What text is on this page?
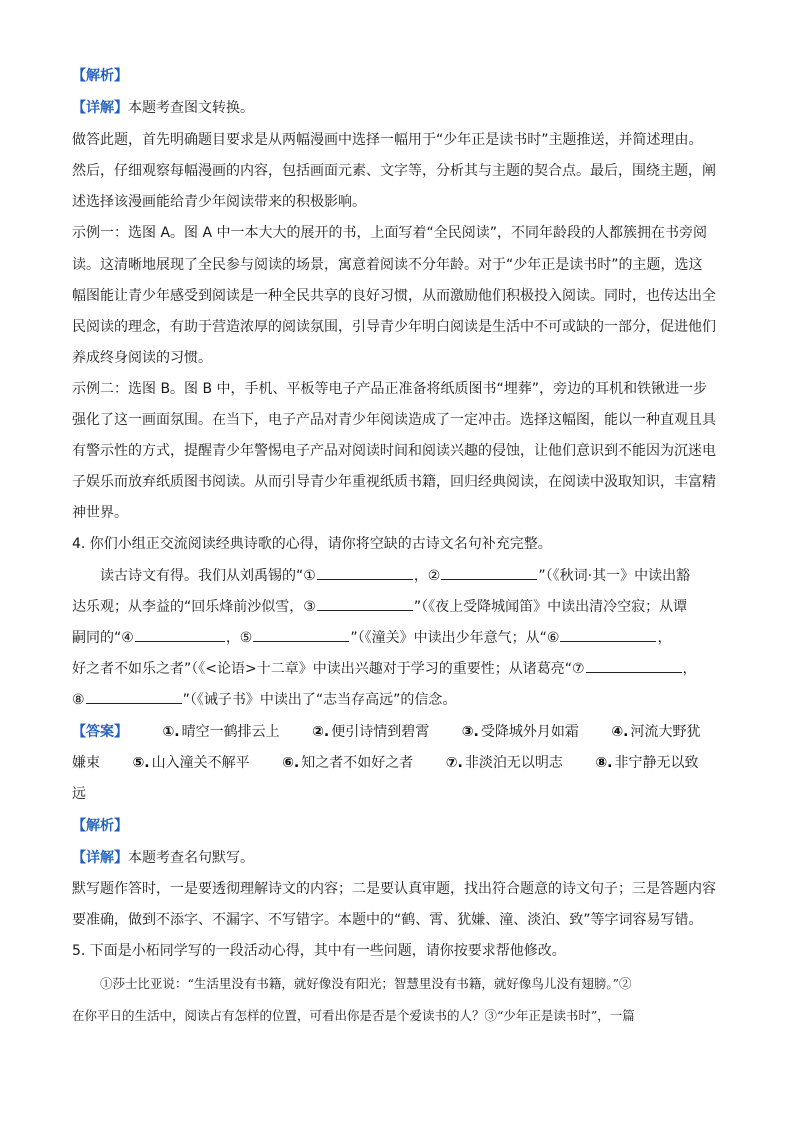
【解析】
【详解】本题考查图文转换。
做答此题，首先明确题目要求是从两幅漫画中选择一幅用于“少年正是读书时”主题推送，并简述理由。
然后，仔细观察每幅漫画的内容，包括画面元素、文字等，分析其与主题的契合点。最后，围绕主题，阐
述选择该漫画能给青少年阅读带来的积极影响。
示例一：选图 A。图 A 中一本大大的展开的书，上面写着“全民阅读”，不同年龄段的人都簇拥在书旁阅
读。这清晰地展现了全民参与阅读的场景，寓意着阅读不分年龄。对于“少年正是读书时”的主题，选这
幅图能让青少年感受到阅读是一种全民共享的良好习惯，从而激励他们积极投入阅读。同时，也传达出全
民阅读的理念，有助于营造浓厚的阅读氛围，引导青少年明白阅读是生活中不可或缺的一部分，促进他们
养成终身阅读的习惯。
示例二：选图 B。图 B 中，手机、平板等电子产品正准备将纸质图书“埋葬”，旁边的耳机和铁锹进一步
强化了这一画面氛围。在当下，电子产品对青少年阅读造成了一定冲击。选择这幅图，能以一种直观且具
有警示性的方式，提醒青少年警惕电子产品对阅读时间和阅读兴趣的侵蚀，让他们意识到不能因为沉迷电
子娱乐而放弃纸质图书阅读。从而引导青少年重视纸质书籍，回归经典阅读，在阅读中汲取知识，丰富精
神世界。
4. 你们小组正交流阅读经典诗歌的心得，请你将空缺的古诗文名句补充完整。
读古诗文有得。我们从刘禹锡的“①	，②	”（《秋词·其一》中读出豁
达乐观；从李益的“回乐烽前沙似雪，③	”（《夜上受降城闻笛》中读出清冷空寂；从谭
嗣同的“④	，⑤	”（《潼关》中读出少年意气；从“⑥	，
好之者不如乐之者”（《<论语>十二章》中读出兴趣对于学习的重要性；从诸葛亮“⑦	，
⑧	”（《诫子书》中读出了“志当存高远”的信念。
【答案】 ①. 晴空一鹤排云上 ②. 便引诗情到碧霄 ③. 受降城外月如霜 ④. 河流大野犹
嫌束 ⑤. 山入潼关不解平 ⑥. 知之者不如好之者 ⑦. 非淡泊无以明志 ⑧. 非宁静无以致
远
【解析】
【详解】本题考查名句默写。
默写题作答时，一是要透彻理解诗文的内容；二是要认真审题，找出符合题意的诗文句子；三是答题内容
要准确，做到不添字、不漏字、不写错字。本题中的“鹤、霄、犹嫌、潼、淡泊、致”等字词容易写错。
5. 下面是小柘同学写的一段活动心得，其中有一些问题，请你按要求帮他修改。
①莎士比亚说：“生活里没有书籍，就好像没有阳光；智慧里没有书籍，就好像鸟儿没有翅膀。”②
在你平日的生活中，阅读占有怎样的位置，可看出你是否是个爱读书的人？③“少年正是读书时”，一篇
